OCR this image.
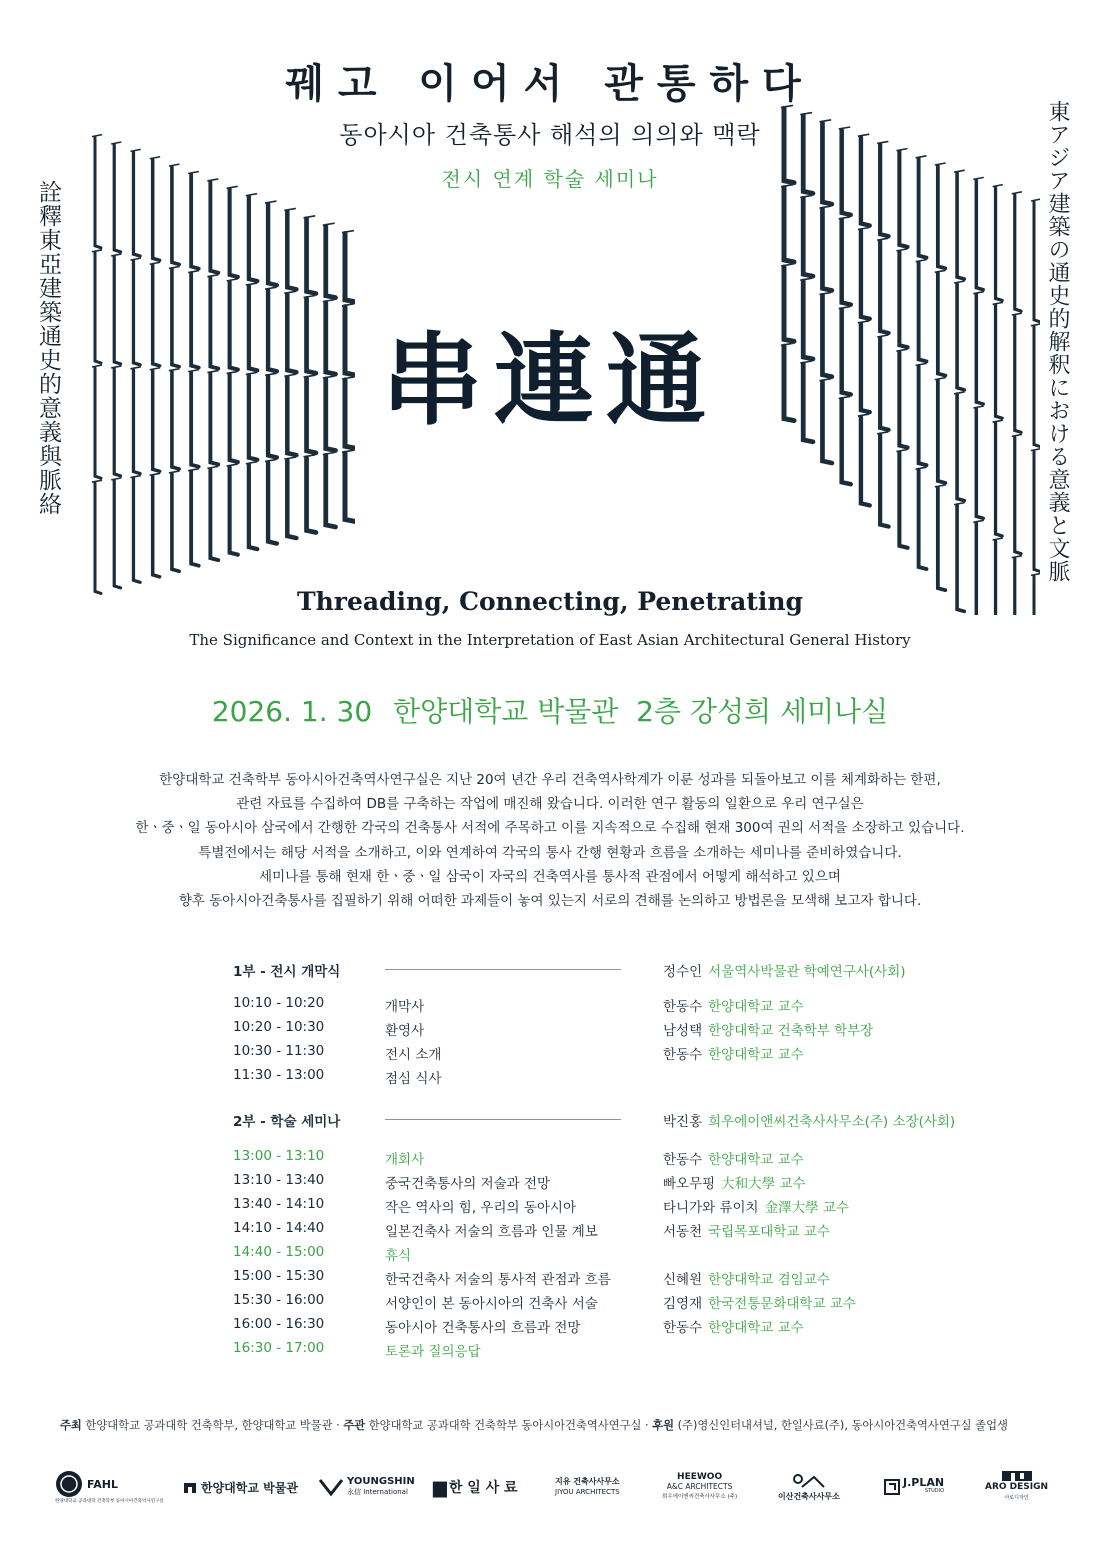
꿰고 이어서 관통하다
동아시아 건축통사 해석의 의의와 맥락
전시 연계 학술 세미나
串連通
詮釋東亞建築通史的意義與脈絡	東アジア建築の通史的解釈における意義と文脈
Threading, Connecting, Penetrating
The Significance and Context in the Interpretation of East Asian Architectural General History
2026. 1. 30 한양대학교 박물관  2층 강성희 세미나실
한양대학교 건축학부 동아시아건축역사연구실은 지난 20여 년간 우리 건축역사학계가 이룬 성과를 되돌아보고 이를 체계화하는 한편,
관련 자료를 수집하여 DB를 구축하는 작업에 매진해 왔습니다. 이러한 연구 활동의 일환으로 우리 연구실은
한ㆍ중ㆍ일 동아시아 삼국에서 간행한 각국의 건축통사 서적에 주목하고 이를 지속적으로 수집해 현재 300여 권의 서적을 소장하고 있습니다.
특별전에서는 해당 서적을 소개하고, 이와 연계하여 각국의 통사 간행 현황과 흐름을 소개하는 세미나를 준비하였습니다.
세미나를 통해 현재 한ㆍ중ㆍ일 삼국이 자국의 건축역사를 통사적 관점에서 어떻게 해석하고 있으며
향후 동아시아건축통사를 집필하기 위해 어떠한 과제들이 놓여 있는지 서로의 견해를 논의하고 방법론을 모색해 보고자 합니다.
1부 - 전시 개막식	정수인 서울역사박물관 학예연구사(사회)
10:10 - 10:20	개막사	한동수 한양대학교 교수
10:20 - 10:30	환영사	남성택 한양대학교 건축학부 학부장
10:30 - 11:30	전시 소개	한동수 한양대학교 교수
11:30 - 13:00	점심 식사
2부 - 학술 세미나	박진홍 희우에이앤씨건축사사무소(주) 소장(사회)
13:00 - 13:10	개회사	한동수 한양대학교 교수
13:10 - 13:40	중국건축통사의 저술과 전망	빠오무핑 大和大學 교수
13:40 - 14:10	작은 역사의 힘, 우리의 동아시아	타니가와 류이치 金澤大學 교수
14:10 - 14:40	일본건축사 저술의 흐름과 인물 계보	서동천 국립목포대학교 교수
14:40 - 15:00	휴식
15:00 - 15:30	한국건축사 저술의 통사적 관점과 흐름	신혜원 한양대학교 겸임교수
15:30 - 16:00	서양인이 본 동아시아의 건축사 서술	김영재 한국전통문화대학교 교수
16:00 - 16:30	동아시아 건축통사의 흐름과 전망	한동수 한양대학교 교수
16:30 - 17:00	토론과 질의응답
주최 한양대학교 공과대학 건축학부, 한양대학교 박물관 · 주관 한양대학교 공과대학 건축학부 동아시아건축역사연구실 · 후원 (주)영신인터내셔널, 한일사료(주), 동아시아건축역사연구실 졸업생
FAHL
한양대학교 공과대학 건축학부 동아시아건축역사연구실
한양대학교 박물관	YOUNGSHIN
永信 International	▆ 한 일 사 료	지유 건축사사무소
JIYOU ARCHITECTS
HEEWOO
A&C ARCHITECTS
희우에이앤씨건축사사무소 (주)	이산건축사사무소
J.PLAN
STUDIO	ARO DESIGN
아로디자인
